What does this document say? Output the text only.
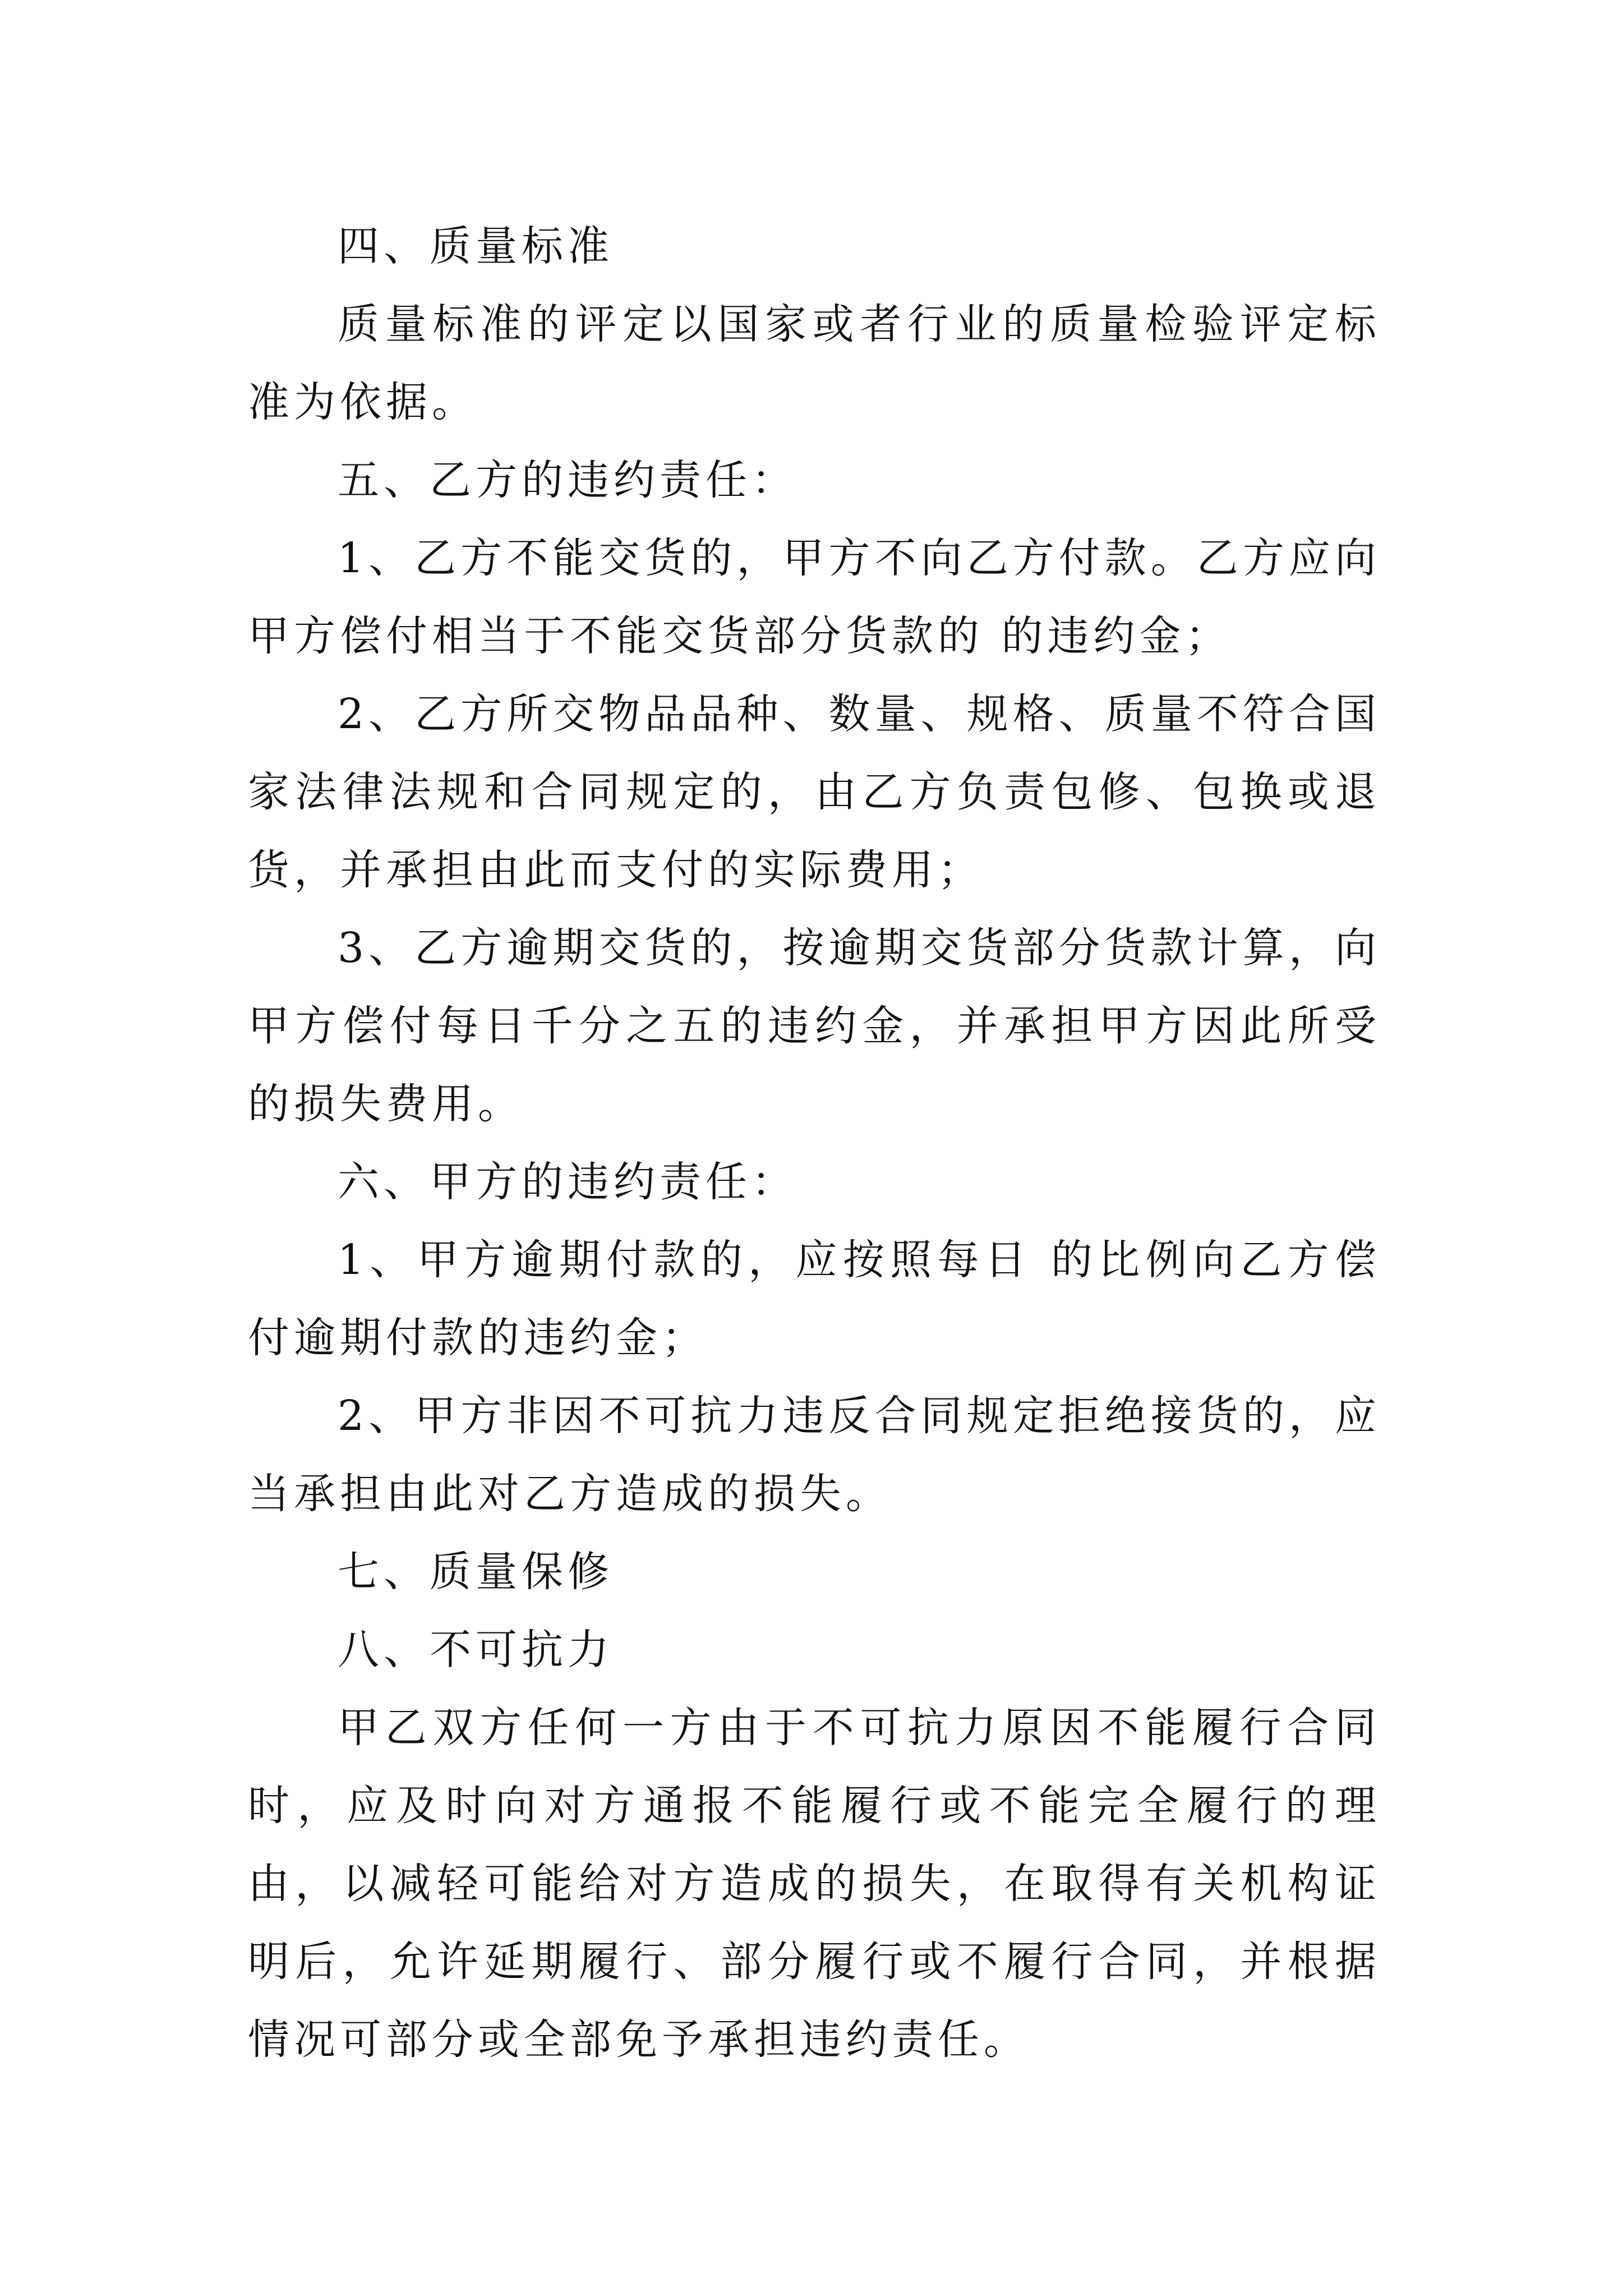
四、质量标准

质量标准的评定以国家或者行业的质量检验评定标准为依据。

五、乙方的违约责任：

1、乙方不能交货的，甲方不向乙方付款。乙方应向甲方偿付相当于不能交货部分货款的 的违约金；

2、乙方所交物品品种、数量、规格、质量不符合国家法律法规和合同规定的，由乙方负责包修、包换或退货，并承担由此而支付的实际费用；

3、乙方逾期交货的，按逾期交货部分货款计算，向甲方偿付每日千分之五的违约金，并承担甲方因此所受的损失费用。

六、甲方的违约责任：

1、甲方逾期付款的，应按照每日 的比例向乙方偿付逾期付款的违约金；

2、甲方非因不可抗力违反合同规定拒绝接货的，应当承担由此对乙方造成的损失。

七、质量保修

八、不可抗力

甲乙双方任何一方由于不可抗力原因不能履行合同时，应及时向对方通报不能履行或不能完全履行的理由，以减轻可能给对方造成的损失，在取得有关机构证明后，允许延期履行、部分履行或不履行合同，并根据情况可部分或全部免予承担违约责任。
